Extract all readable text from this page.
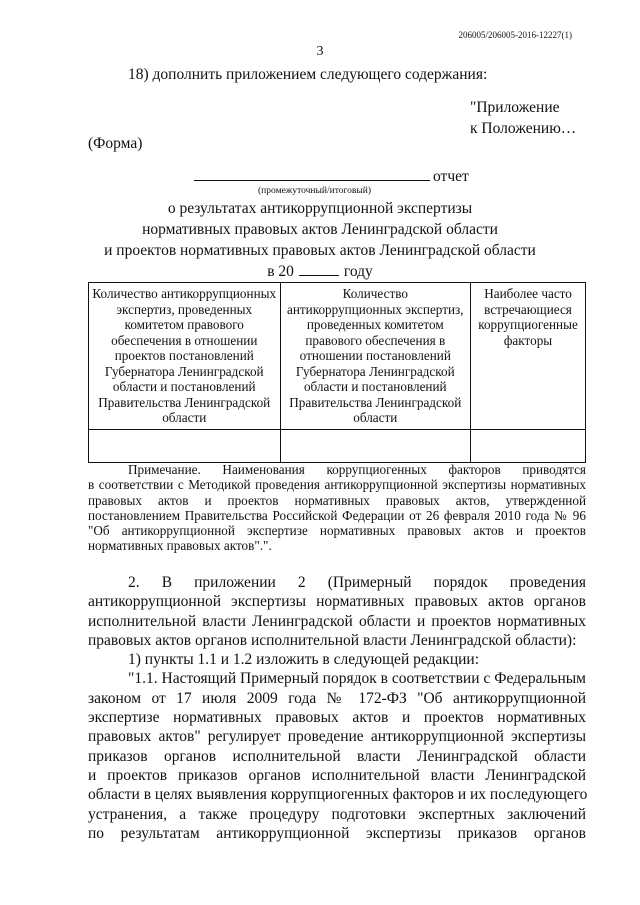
206005/206005-2016-12227(1)
3
18) дополнить приложением следующего содержания:
"Приложение
к Положению…
(Форма)
отчет
(промежуточный/итоговый)
о результатах антикоррупционной экспертизы
нормативных правовых актов Ленинградской области
и проектов нормативных правовых актов Ленинградской области
в 20	году
Количество антикоррупционных экспертиз, проведенных комитетом правового обеспечения в отношении проектов постановлений Губернатора Ленинградской области и постановлений Правительства Ленинградской области	Количество антикоррупционных экспертиз, проведенных комитетом правового обеспечения в отношении постановлений Губернатора Ленинградской области и постановлений Правительства Ленинградской области	Наиболее часто встречающиеся коррупциогенные факторы

Примечание. Наименования коррупциогенных факторов приводятся
в соответствии с Методикой проведения антикоррупционной экспертизы нормативных
правовых актов и проектов нормативных правовых актов, утвержденной
постановлением Правительства Российской Федерации от 26 февраля 2010 года № 96
"Об антикоррупционной экспертизе нормативных правовых актов и проектов
нормативных правовых актов".".
2. В приложении 2 (Примерный порядок проведения
антикоррупционной экспертизы нормативных правовых актов органов
исполнительной власти Ленинградской области и проектов нормативных
правовых актов органов исполнительной власти Ленинградской области):
1) пункты 1.1 и 1.2 изложить в следующей редакции:
"1.1. Настоящий Примерный порядок в соответствии с Федеральным
законом от 17 июля 2009 года № 172-ФЗ "Об антикоррупционной
экспертизе нормативных правовых актов и проектов нормативных
правовых актов" регулирует проведение антикоррупционной экспертизы
приказов органов исполнительной власти Ленинградской области
и проектов приказов органов исполнительной власти Ленинградской
области в целях выявления коррупциогенных факторов и их последующего
устранения, а также процедуру подготовки экспертных заключений
по результатам антикоррупционной экспертизы приказов органов
